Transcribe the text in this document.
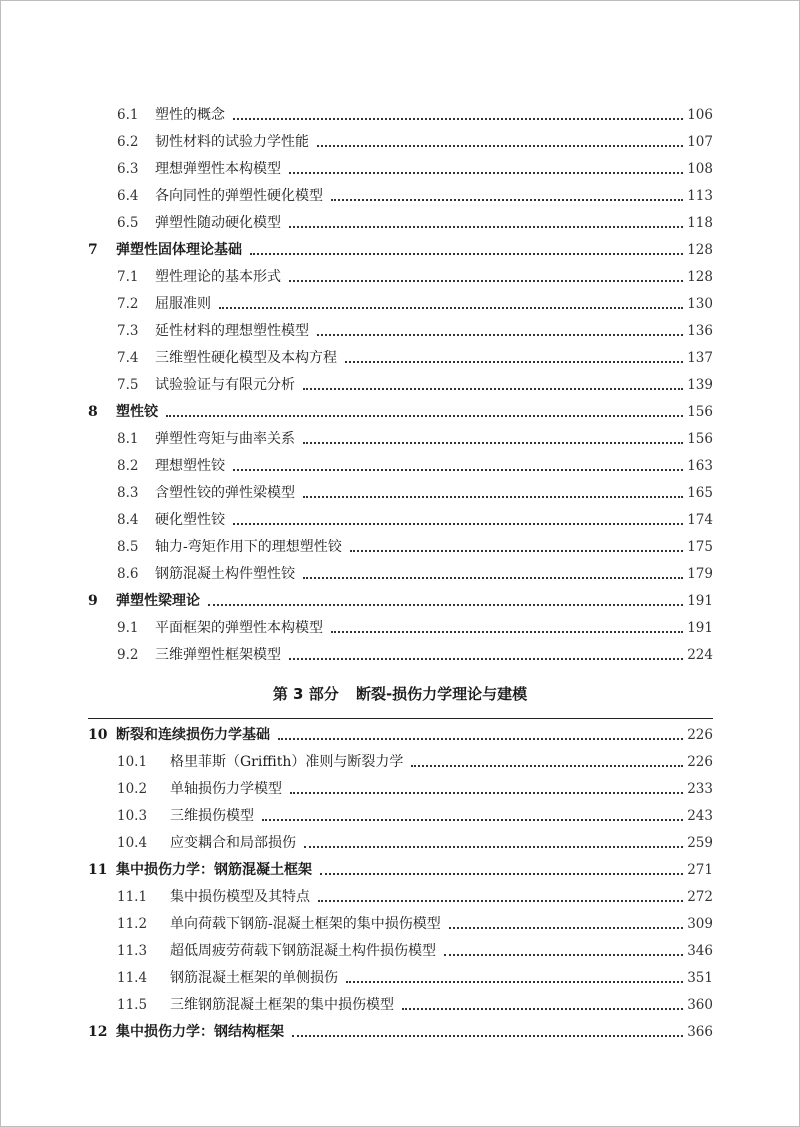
6.1	塑性的概念	106
6.2	韧性材料的试验力学性能	107
6.3	理想弹塑性本构模型	108
6.4	各向同性的弹塑性硬化模型	113
6.5	弹塑性随动硬化模型	118
7	弹塑性固体理论基础	128
7.1	塑性理论的基本形式	128
7.2	屈服准则	130
7.3	延性材料的理想塑性模型	136
7.4	三维塑性硬化模型及本构方程	137
7.5	试验验证与有限元分析	139
8	塑性铰	156
8.1	弹塑性弯矩与曲率关系	156
8.2	理想塑性铰	163
8.3	含塑性铰的弹性梁模型	165
8.4	硬化塑性铰	174
8.5	轴力-弯矩作用下的理想塑性铰	175
8.6	钢筋混凝土构件塑性铰	179
9	弹塑性梁理论	191
9.1	平面框架的弹塑性本构模型	191
9.2	三维弹塑性框架模型	224
第 3 部分 断裂-损伤力学理论与建模
10 断裂和连续损伤力学基础	226
10.1	格里菲斯（Griffith）准则与断裂力学	226
10.2	单轴损伤力学模型	233
10.3	三维损伤模型	243
10.4	应变耦合和局部损伤	259
11 集中损伤力学：钢筋混凝土框架	271
11.1	集中损伤模型及其特点	272
11.2	单向荷载下钢筋-混凝土框架的集中损伤模型	309
11.3	超低周疲劳荷载下钢筋混凝土构件损伤模型	346
11.4	钢筋混凝土框架的单侧损伤	351
11.5	三维钢筋混凝土框架的集中损伤模型	360
12 集中损伤力学：钢结构框架	366
